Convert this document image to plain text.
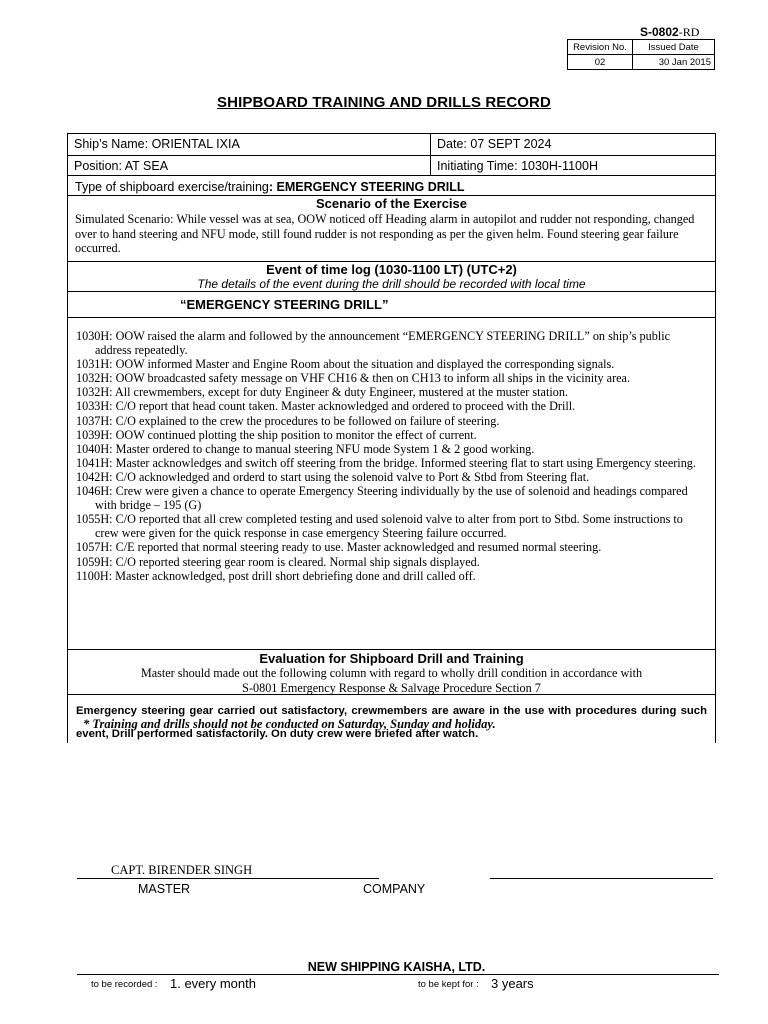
S-0802-RD
Revision No.	Issued Date
02	30 Jan 2015
SHIPBOARD TRAINING AND DRILLS RECORD
Ship’s Name: ORIENTAL IXIA	Date: 07 SEPT 2024
Position: AT SEA	Initiating Time: 1030H-1100H
Type of shipboard exercise/training: EMERGENCY STEERING DRILL
Scenario of the Exercise
Simulated Scenario: While vessel was at sea, OOW noticed off Heading alarm in autopilot and rudder not responding, changed over to hand steering and NFU mode, still found rudder is not responding as per the given helm. Found steering gear failure occurred.
Event of time log (1030-1100 LT) (UTC+2)
The details of the event during the drill should be recorded with local time
“EMERGENCY STEERING DRILL”
1030H: OOW raised the alarm and followed by the announcement “EMERGENCY STEERING DRILL” on ship’s public address repeatedly.
1031H: OOW informed Master and Engine Room about the situation and displayed the corresponding signals.
1032H: OOW broadcasted safety message on VHF CH16 & then on CH13 to inform all ships in the vicinity area.
1032H: All crewmembers, except for duty Engineer & duty Engineer, mustered at the muster station.
1033H: C/O report that head count taken. Master acknowledged and ordered to proceed with the Drill.
1037H: C/O explained to the crew the procedures to be followed on failure of steering.
1039H: OOW continued plotting the ship position to monitor the effect of current.
1040H: Master ordered to change to manual steering NFU mode System 1 & 2 good working.
1041H: Master acknowledges and switch off steering from the bridge. Informed steering flat to start using Emergency steering.
1042H: C/O acknowledged and orderd to start using the solenoid valve to Port & Stbd from Steering flat.
1046H: Crew were given a chance to operate Emergency Steering individually by the use of solenoid and headings compared with bridge – 195 (G)
1055H: C/O reported that all crew completed testing and used solenoid valve to alter from port to Stbd. Some instructions to crew were given for the quick response in case emergency Steering failure occurred.
1057H: C/E reported that normal steering ready to use. Master acknowledged and resumed normal steering.
1059H: C/O reported steering gear room is cleared. Normal ship signals displayed.
1100H: Master acknowledged, post drill short debriefing done and drill called off.
Evaluation for Shipboard Drill and Training
Master should made out the following column with regard to wholly drill condition in accordance with
S-0801 Emergency Response & Salvage Procedure Section 7

Emergency steering gear carried out satisfactory, crewmembers are aware in the use with procedures during such event, Drill performed satisfactorily. On duty crew were briefed after watch.

* Training and drills should not be conducted on Saturday, Sunday and holiday.
CAPT. BIRENDER SINGH
MASTER	COMPANY
NEW SHIPPING KAISHA, LTD.
to be recorded : 1. every month	to be kept for : 3 years
